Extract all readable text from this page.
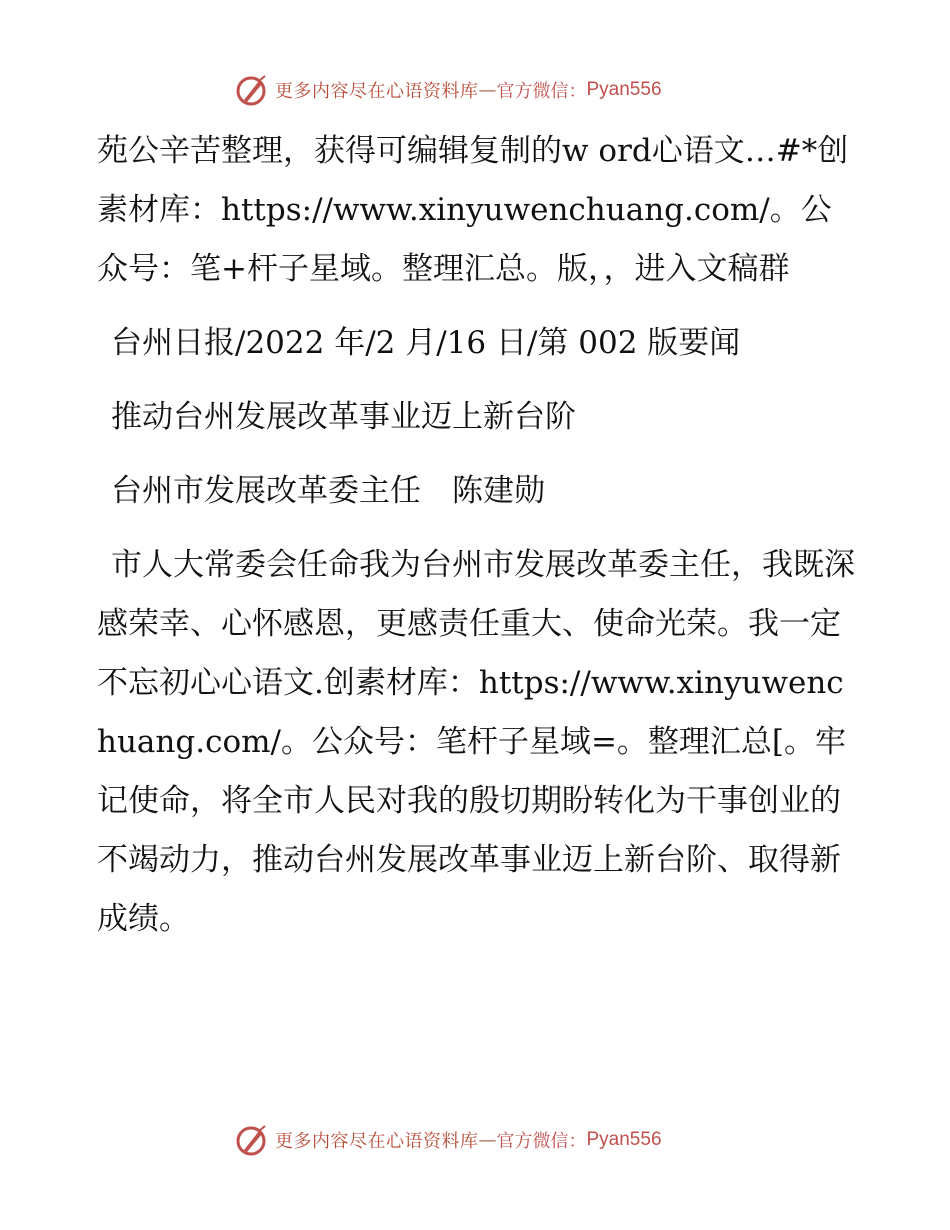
更多内容尽在心语资料库 — 官方微信： Pyan556

苑公辛苦整理，获得可编辑复制的w ord心语文…#*创素材库：https://www.xinyuwenchuang.com/。公众号：笔+杆子星域。整理汇总。版，，进入文稿群

台州日报/2022 年/2 月/16 日/第 002 版要闻

推动台州发展改革事业迈上新台阶

台州市发展改革委主任　陈建勋

市人大常委会任命我为台州市发展改革委主任，我既深感荣幸、心怀感恩，更感责任重大、使命光荣。我一定不忘初心心语文.创素材库：https://www.xinyuwenchuang.com/。公众号：笔杆子星域=。整理汇总[。牢记使命，将全市人民对我的殷切期盼转化为干事创业的不竭动力，推动台州发展改革事业迈上新台阶、取得新成绩。

更多内容尽在心语资料库 — 官方微信： Pyan556
